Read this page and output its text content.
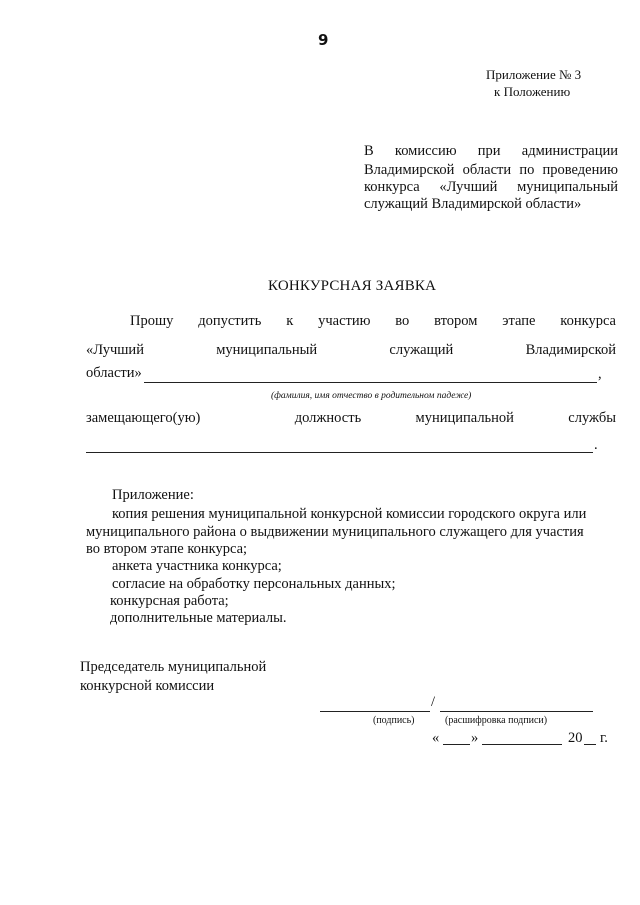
9
Приложение № 3
к Положению
В комиссию при администрации
Владимирской области по проведению
конкурса «Лучший муниципальный
служащий Владимирской области»
КОНКУРСНАЯ ЗАЯВКА
Прошу допустить к участию во втором этапе конкурса
«Лучший	муниципальный	служащий	Владимирской
области»	,
(фамилия, имя отчество в родительном падеже)
замещающего(ую)	должность	муниципальной	службы
.
Приложение:
копия решения муниципальной конкурсной комиссии городского округа или
муниципального района о выдвижении муниципального служащего для участия
во втором этапе конкурса;
анкета участника конкурса;
согласие на обработку персональных данных;
конкурсная работа;
дополнительные материалы.
Председатель муниципальной
конкурсной комиссии
/
(подпись)	(расшифровка подписи)
« »	20 г.
